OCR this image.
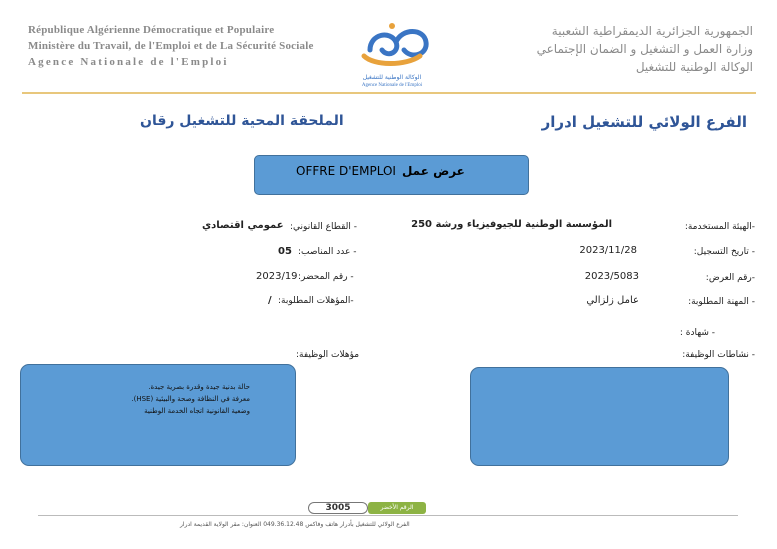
République Algérienne Démocratique et Populaire
Ministère du Travail, de l'Emploi et de La Sécurité Sociale
Agence Nationale de l'Emploi
الوكالة الوطنية للتشغيل
Agence Nationale de l'Emploi
الجمهورية الجزائرية الديمقراطية الشعبية
وزارة العمل و التشغيل و الضمان الإجتماعي
الوكالة الوطنية للتشغيل
الفرع الولائي للتشغيل ادرار
الملحقة المحية للتشغيل رقان
OFFRE D'EMPLOI عرض عمل
-الهيئة المستخدمة:
المؤسسة الوطنية للجيوفيزياء ورشة 250
- تاريخ التسجيل:
2023/11/28
-رقم العرض:
2023/5083
- المهنة المطلوبة:
عامل زلزالي
- شهادة :
- نشاطات الوظيفة:
- القطاع القانوني:
عمومي اقتصادي
- عدد المناصب:
05
- رقم المحضر:
2023/19
-المؤهلات المطلوبة:
/
مؤهلات الوظيفة:
حالة بدنية جيدة وقدرة بصرية جيدة.
معرفة في النظافة وصحة والبيئية (HSE).
وضعية القانونية اتجاه الخدمة الوطنية
3005	الرقم الأخضر
الفرع الولائي للتشغيل بأدرار هاتف وفاكس 049.36.12.48 العنوان: مقر الولاية القديمة ادرار
